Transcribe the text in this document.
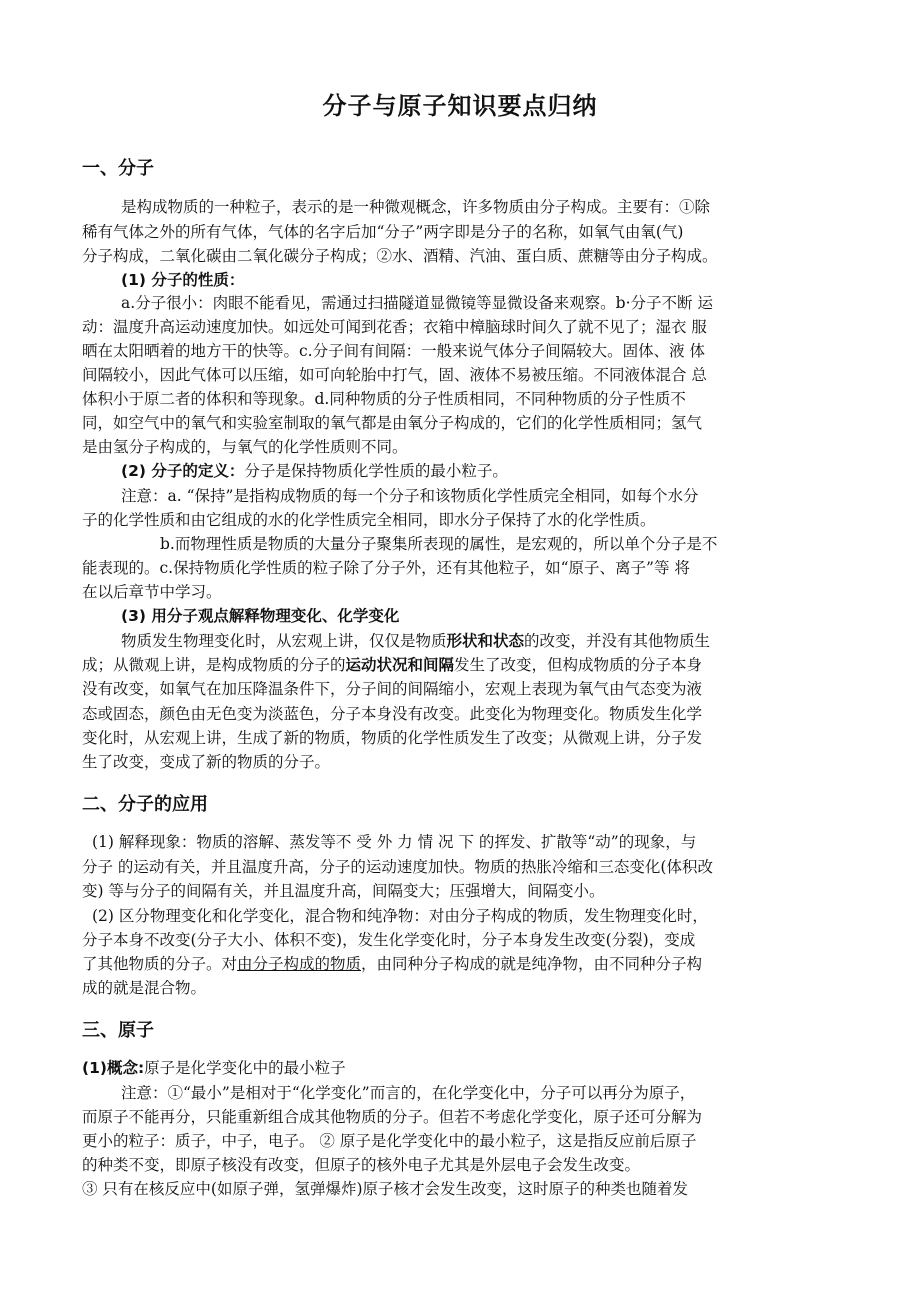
分子与原子知识要点归纳
一、分子
是构成物质的一种粒子，表示的是一种微观概念，许多物质由分子构成。主要有：①除
稀有气体之外的所有气体，气体的名字后加“分子”两字即是分子的名称，如氧气由氧(气)
分子构成，二氧化碳由二氧化碳分子构成；②水、酒精、汽油、蛋白质、蔗糖等由分子构成。
(1) 分子的性质：
a.分子很小：肉眼不能看见，需通过扫描隧道显微镜等显微设备来观察。b·分子不断 运
动：温度升高运动速度加快。如远处可闻到花香；衣箱中樟脑球时间久了就不见了；湿衣 服
晒在太阳晒着的地方干的快等。c.分子间有间隔：一般来说气体分子间隔较大。固体、液 体
间隔较小，因此气体可以压缩，如可向轮胎中打气，固、液体不易被压缩。不同液体混合 总
体积小于原二者的体积和等现象。d.同种物质的分子性质相同，不同种物质的分子性质不
同，如空气中的氧气和实验室制取的氧气都是由氧分子构成的，它们的化学性质相同；氢气
是由氢分子构成的，与氧气的化学性质则不同。
(2) 分子的定义：分子是保持物质化学性质的最小粒子。
注意：a. “保持”是指构成物质的每一个分子和该物质化学性质完全相同，如每个水分
子的化学性质和由它组成的水的化学性质完全相同，即水分子保持了水的化学性质。
b.而物理性质是物质的大量分子聚集所表现的属性，是宏观的，所以单个分子是不
能表现的。c.保持物质化学性质的粒子除了分子外，还有其他粒子，如“原子、离子”等 将
在以后章节中学习。
(3) 用分子观点解释物理变化、化学变化
物质发生物理变化时，从宏观上讲，仅仅是物质形状和状态的改变，并没有其他物质生
成；从微观上讲，是构成物质的分子的运动状况和间隔发生了改变，但构成物质的分子本身
没有改变，如氧气在加压降温条件下，分子间的间隔缩小，宏观上表现为氧气由气态变为液
态或固态，颜色由无色变为淡蓝色，分子本身没有改变。此变化为物理变化。物质发生化学
变化时，从宏观上讲，生成了新的物质，物质的化学性质发生了改变；从微观上讲，分子发
生了改变，变成了新的物质的分子。
二、分子的应用
(1) 解释现象：物质的溶解、蒸发等不 受 外 力 情 况 下 的挥发、扩散等“动”的现象，与
分子 的运动有关，并且温度升高，分子的运动速度加快。物质的热胀冷缩和三态变化(体积改
变) 等与分子的间隔有关，并且温度升高，间隔变大；压强增大，间隔变小。
(2) 区分物理变化和化学变化，混合物和纯净物：对由分子构成的物质，发生物理变化时，
分子本身不改变(分子大小、体积不变)，发生化学变化时，分子本身发生改变(分裂)，变成
了其他物质的分子。对由分子构成的物质，由同种分子构成的就是纯净物，由不同种分子构
成的就是混合物。
三、原子
(1)概念:原子是化学变化中的最小粒子
注意：①“最小”是相对于“化学变化”而言的，在化学变化中，分子可以再分为原子，
而原子不能再分，只能重新组合成其他物质的分子。但若不考虑化学变化，原子还可分解为
更小的粒子：质子，中子，电子。 ② 原子是化学变化中的最小粒子，这是指反应前后原子
的种类不变，即原子核没有改变，但原子的核外电子尤其是外层电子会发生改变。
③ 只有在核反应中(如原子弹，氢弹爆炸)原子核才会发生改变，这时原子的种类也随着发
